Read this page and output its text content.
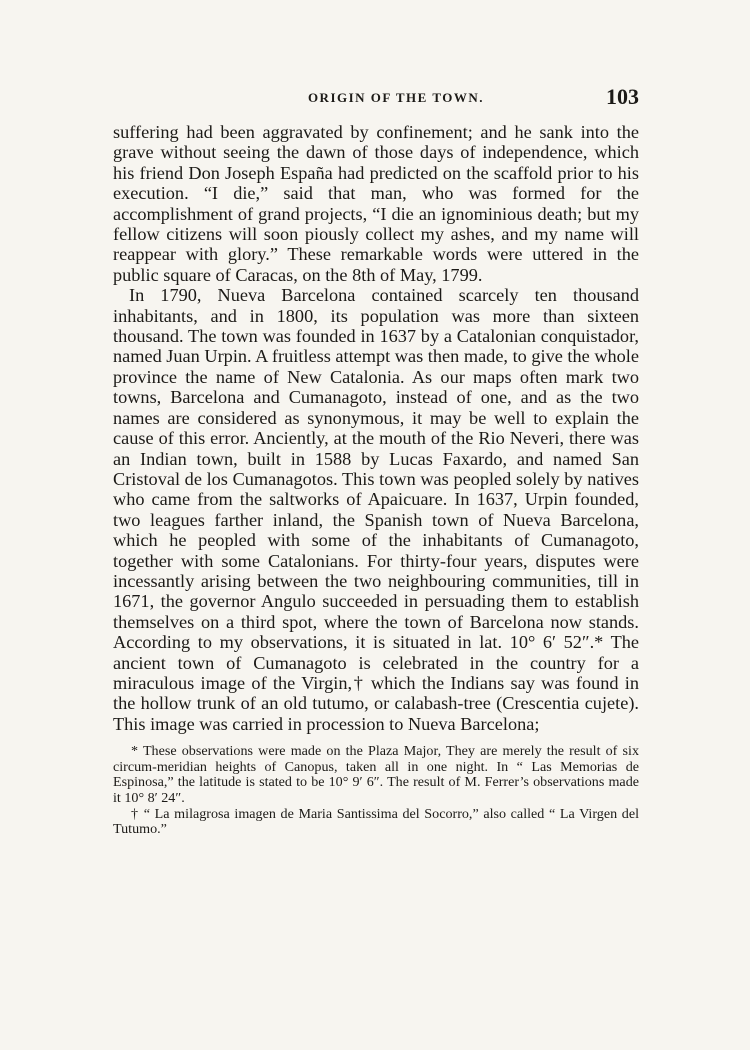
ORIGIN OF THE TOWN.	103

suffering had been aggravated by confinement; and he sank into the grave without seeing the dawn of those days of independence, which his friend Don Joseph España had predicted on the scaffold prior to his execution. “I die,” said that man, who was formed for the accomplishment of grand projects, “I die an ignominious death; but my fellow citizens will soon piously collect my ashes, and my name will reappear with glory.” These remarkable words were uttered in the public square of Caracas, on the 8th of May, 1799.

In 1790, Nueva Barcelona contained scarcely ten thousand inhabitants, and in 1800, its population was more than sixteen thousand. The town was founded in 1637 by a Catalonian conquistador, named Juan Urpin. A fruitless attempt was then made, to give the whole province the name of New Catalonia. As our maps often mark two towns, Barcelona and Cumanagoto, instead of one, and as the two names are considered as synonymous, it may be well to explain the cause of this error. Anciently, at the mouth of the Rio Neveri, there was an Indian town, built in 1588 by Lucas Faxardo, and named San Cristoval de los Cumanagotos. This town was peopled solely by natives who came from the saltworks of Apaicuare. In 1637, Urpin founded, two leagues farther inland, the Spanish town of Nueva Barcelona, which he peopled with some of the inhabitants of Cumanagoto, together with some Catalonians. For thirty-four years, disputes were incessantly arising between the two neighbouring communities, till in 1671, the governor Angulo succeeded in persuading them to establish themselves on a third spot, where the town of Barcelona now stands. According to my observations, it is situated in lat. 10° 6′ 52″.* The ancient town of Cumanagoto is celebrated in the country for a miraculous image of the Virgin,† which the Indians say was found in the hollow trunk of an old tutumo, or calabash-tree (Crescentia cujete). This image was carried in procession to Nueva Barcelona;

* These observations were made on the Plaza Major, They are merely the result of six circum-meridian heights of Canopus, taken all in one night. In “ Las Memorias de Espinosa,” the latitude is stated to be 10° 9′ 6″. The result of M. Ferrer’s observations made it 10° 8′ 24″.

† “ La milagrosa imagen de Maria Santissima del Socorro,” also called “ La Virgen del Tutumo.”
